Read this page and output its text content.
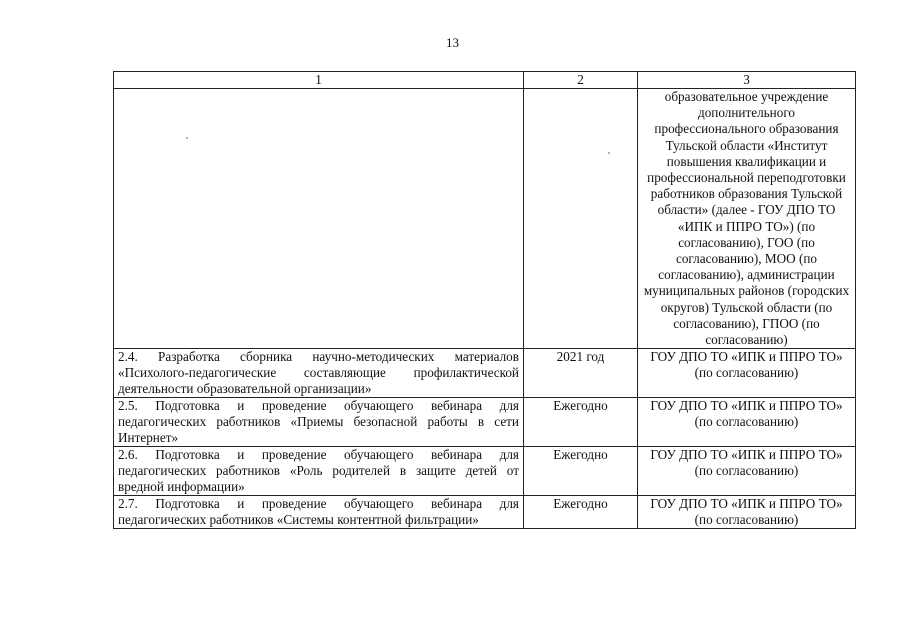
13
1	2	3
		образовательное учреждение дополнительного профессионального образования Тульской области «Институт повышения квалификации и профессиональной переподготовки работников образования Тульской области» (далее - ГОУ ДПО ТО «ИПК и ППРО ТО») (по согласованию), ГОО (по согласованию), МОО (по согласованию), администрации муниципальных районов (городских округов) Тульской области (по согласованию), ГПОО (по согласованию)
2.4. Разработка сборника научно-методических материалов «Психолого-педагогические составляющие профилактической деятельности образовательной организации»	2021 год	ГОУ ДПО ТО «ИПК и ППРО ТО» (по согласованию)
2.5. Подготовка и проведение обучающего вебинара для педагогических работников «Приемы безопасной работы в сети Интернет»	Ежегодно	ГОУ ДПО ТО «ИПК и ППРО ТО» (по согласованию)
2.6. Подготовка и проведение обучающего вебинара для педагогических работников «Роль родителей в защите детей от вредной информации»	Ежегодно	ГОУ ДПО ТО «ИПК и ППРО ТО» (по согласованию)
2.7. Подготовка и проведение обучающего вебинара для педагогических работников «Системы контентной фильтрации»	Ежегодно	ГОУ ДПО ТО «ИПК и ППРО ТО» (по согласованию)
